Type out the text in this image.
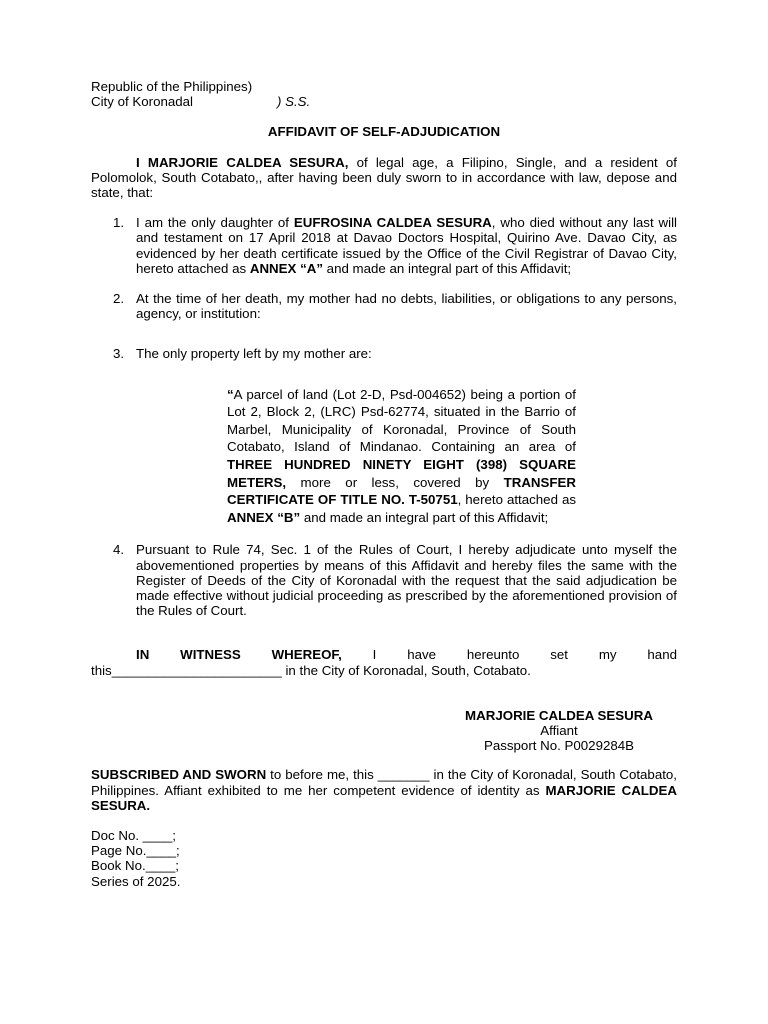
Republic of the Philippines)
City of Koronadal	) S.S.
AFFIDAVIT OF SELF-ADJUDICATION
I MARJORIE CALDEA SESURA, of legal age, a Filipino, Single, and a resident of Polomolok, South Cotabato,, after having been duly sworn to in accordance with law, depose and state, that:
1. I am the only daughter of EUFROSINA CALDEA SESURA, who died without any last will and testament on 17 April 2018 at Davao Doctors Hospital, Quirino Ave. Davao City, as evidenced by her death certificate issued by the Office of the Civil Registrar of Davao City, hereto attached as ANNEX “A” and made an integral part of this Affidavit;
2. At the time of her death, my mother had no debts, liabilities, or obligations to any persons, agency, or institution:
3. The only property left by my mother are:
“A parcel of land (Lot 2-D, Psd-004652) being a portion of Lot 2, Block 2, (LRC) Psd-62774, situated in the Barrio of Marbel, Municipality of Koronadal, Province of South Cotabato, Island of Mindanao. Containing an area of THREE HUNDRED NINETY EIGHT (398) SQUARE METERS, more or less, covered by TRANSFER CERTIFICATE OF TITLE NO. T-50751, hereto attached as ANNEX “B” and made an integral part of this Affidavit;
4. Pursuant to Rule 74, Sec. 1 of the Rules of Court, I hereby adjudicate unto myself the abovementioned properties by means of this Affidavit and hereby files the same with the Register of Deeds of the City of Koronadal with the request that the said adjudication be made effective without judicial proceeding as prescribed by the aforementioned provision of the Rules of Court.
IN WITNESS WHEREOF, I have hereunto set my hand
this_______________________ in the City of Koronadal, South, Cotabato.
MARJORIE CALDEA SESURA
Affiant
Passport No. P0029284B
SUBSCRIBED AND SWORN to before me, this _______ in the City of Koronadal, South Cotabato, Philippines. Affiant exhibited to me her competent evidence of identity as MARJORIE CALDEA SESURA.
Doc No. ____;
Page No.____;
Book No.____;
Series of 2025.
